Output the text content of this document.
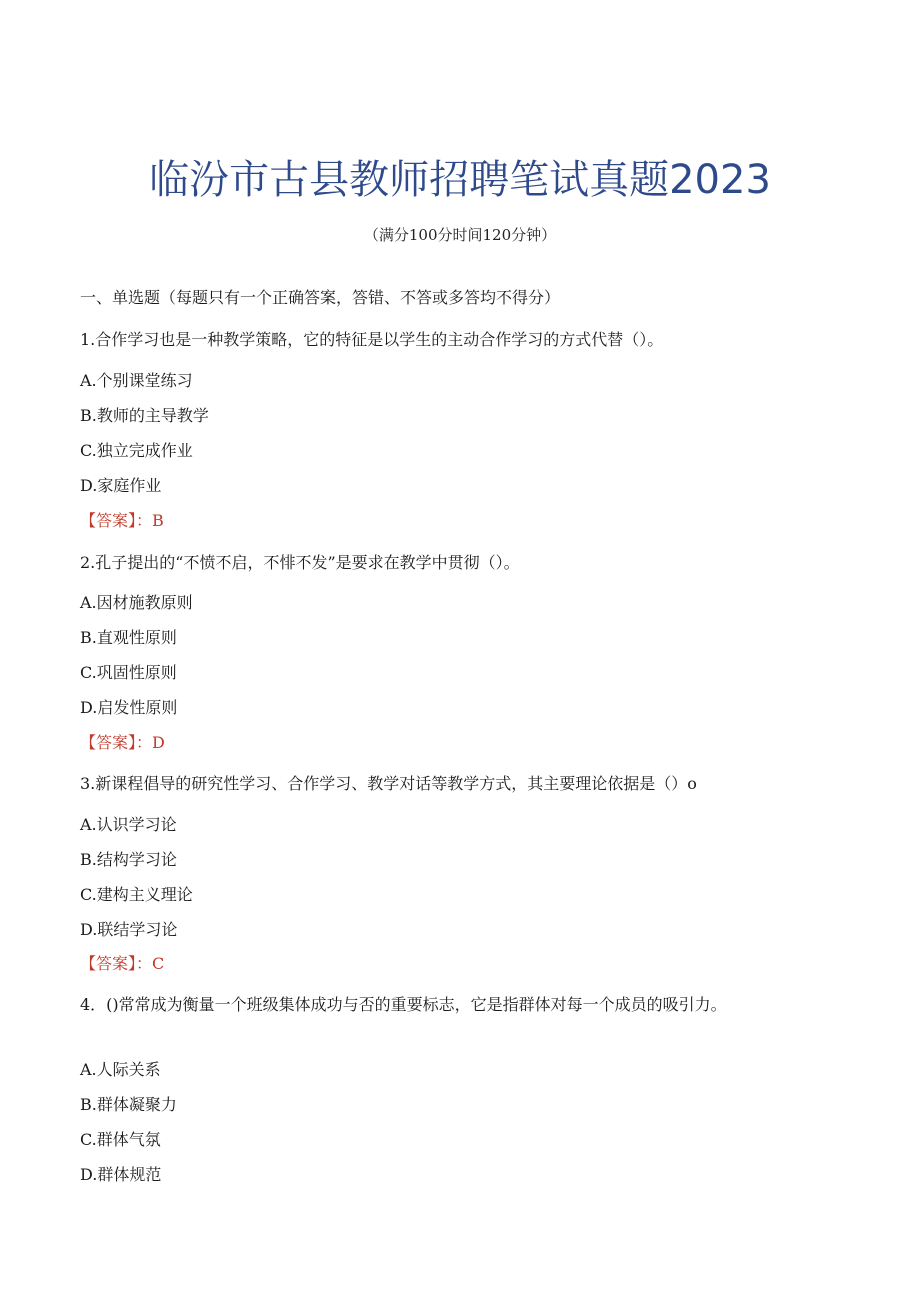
临汾市古县教师招聘笔试真题2023
（满分100分时间120分钟）
一、单选题（每题只有一个正确答案，答错、不答或多答均不得分）
1.合作学习也是一种教学策略，它的特征是以学生的主动合作学习的方式代替（）。
A.个别课堂练习
B.教师的主导教学
C.独立完成作业
D.家庭作业
【答案】：B
2.孔子提出的“不愤不启，不悱不发”是要求在教学中贯彻（）。
A.因材施教原则
B.直观性原则
C.巩固性原则
D.启发性原则
【答案】：D
3.新课程倡导的研究性学习、合作学习、教学对话等教学方式，其主要理论依据是（）o
A.认识学习论
B.结构学习论
C.建构主义理论
D.联结学习论
【答案】：C
4．()常常成为衡量一个班级集体成功与否的重要标志，它是指群体对每一个成员的吸引力。
A.人际关系
B.群体凝聚力
C.群体气氛
D.群体规范
